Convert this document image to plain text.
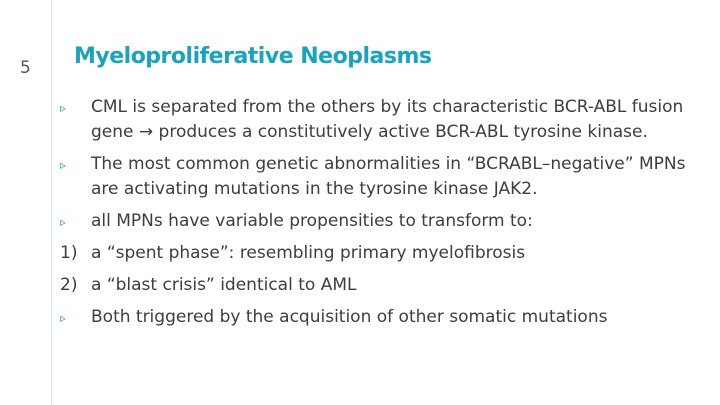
5 Myeloproliferative Neoplasms
▹	CML is separated from the others by its characteristic BCR-ABL fusion gene → produces a constitutively active BCR-ABL tyrosine kinase.
▹	The most common genetic abnormalities in “BCRABL–negative” MPNs are activating mutations in the tyrosine kinase JAK2.
▹	all MPNs have variable propensities to transform to:
1) a “spent phase”: resembling primary myelofibrosis
2) a “blast crisis” identical to AML
▹	Both triggered by the acquisition of other somatic mutations
